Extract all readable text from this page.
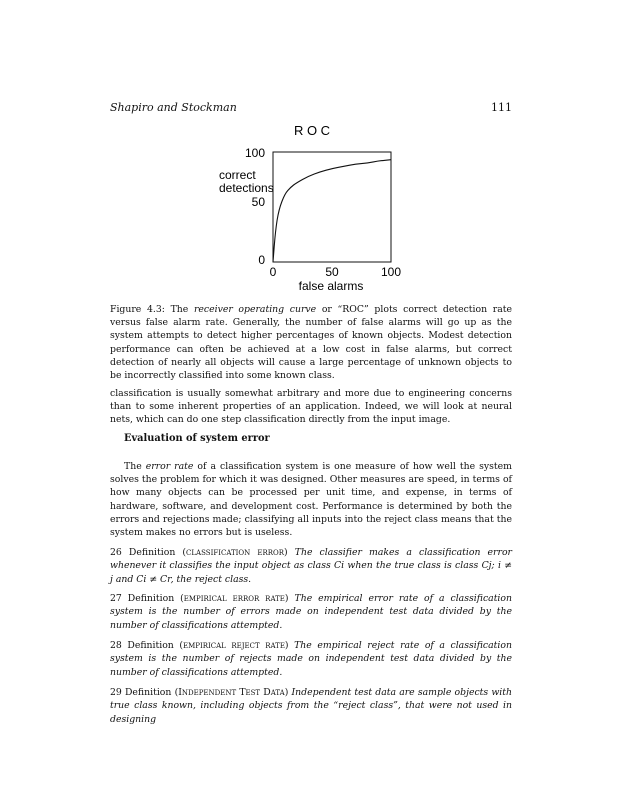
Shapiro and Stockman	111
R O C
100
50
0
correct
detections
0	50	100
false alarms
Figure 4.3: The receiver operating curve or “ROC” plots correct detection rate versus false alarm rate. Generally, the number of false alarms will go up as the system attempts to detect higher percentages of known objects. Modest detection performance can often be achieved at a low cost in false alarms, but correct detection of nearly all objects will cause a large percentage of unknown objects to be incorrectly classified into some known class.

classification is usually somewhat arbitrary and more due to engineering concerns than to some inherent properties of an application. Indeed, we will look at neural nets, which can do one step classification directly from the input image.

Evaluation of system error

The error rate of a classification system is one measure of how well the system solves the problem for which it was designed. Other measures are speed, in terms of how many objects can be processed per unit time, and expense, in terms of hardware, software, and development cost. Performance is determined by both the errors and rejections made; classifying all inputs into the reject class means that the system makes no errors but is useless.

26 Definition (classification error) The classifier makes a classification error whenever it classifies the input object as class Ci when the true class is class Cj; i ≠ j and Ci ≠ Cr, the reject class.
27 Definition (empirical error rate) The empirical error rate of a classification system is the number of errors made on independent test data divided by the number of classifications attempted.
28 Definition (empirical reject rate) The empirical reject rate of a classification system is the number of rejects made on independent test data divided by the number of classifications attempted.
29 Definition (Independent Test Data) Independent test data are sample objects with true class known, including objects from the “reject class”, that were not used in designing
